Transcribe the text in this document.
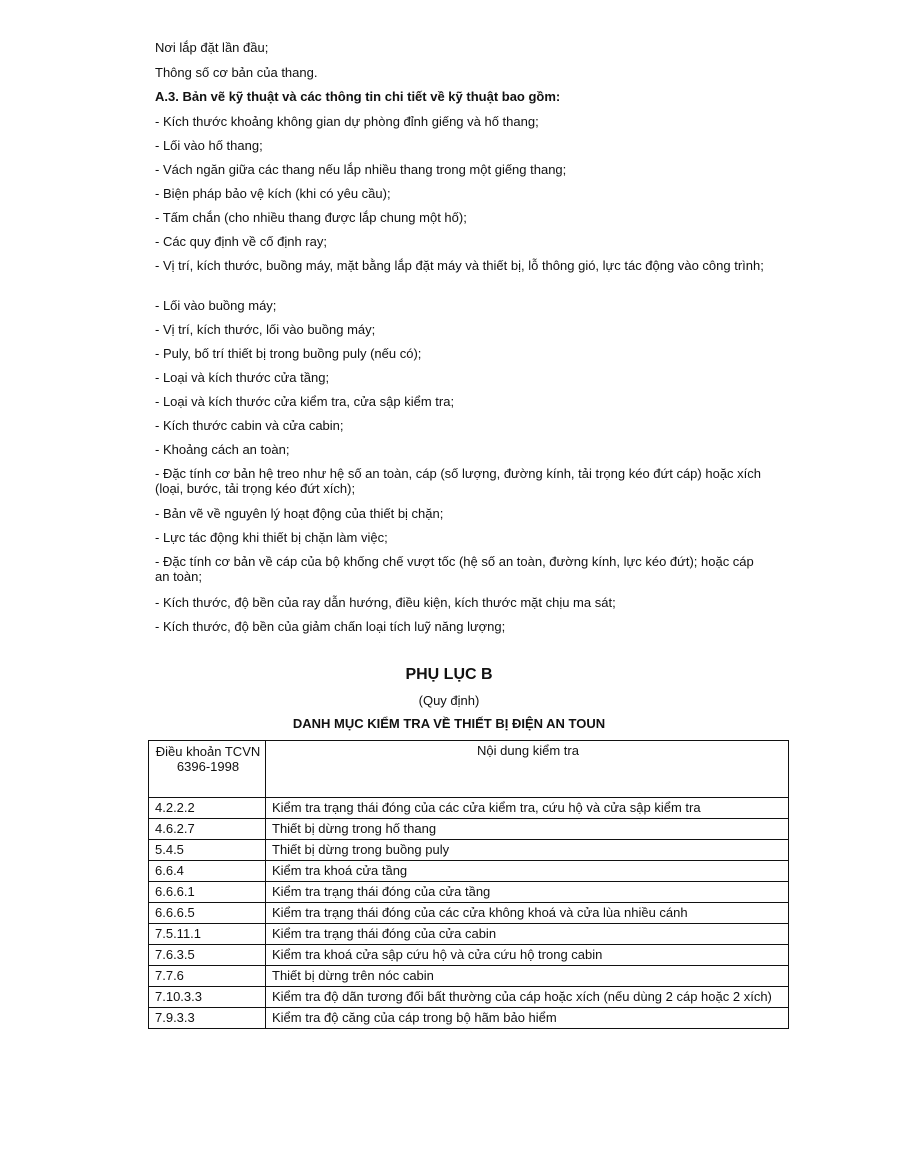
Nơi lắp đặt lần đầu;
Thông số cơ bản của thang.
A.3. Bản vẽ kỹ thuật và các thông tin chi tiết về kỹ thuật bao gồm:
- Kích thước khoảng không gian dự phòng đỉnh giếng và hố thang;
- Lối vào hố thang;
- Vách ngăn giữa các thang nếu lắp nhiều thang trong một giếng thang;
- Biện pháp bảo vệ kích (khi có yêu cầu);
- Tấm chắn (cho nhiều thang được lắp chung một hố);
- Các quy định về cố định ray;
- Vị trí, kích thước, buồng máy, mặt bằng lắp đặt máy và thiết bị, lỗ thông gió, lực tác động vào công trình;
- Lối vào buồng máy;
- Vị trí, kích thước, lối vào buồng máy;
- Puly, bố trí thiết bị trong buồng puly (nếu có);
- Loại và kích thước cửa tầng;
- Loại và kích thước cửa kiểm tra, cửa sập kiểm tra;
- Kích thước cabin và cửa cabin;
- Khoảng cách an toàn;
- Đặc tính cơ bản hệ treo như hệ số an toàn, cáp (số lượng, đường kính, tải trọng kéo đứt cáp) hoặc xích (loại, bước, tải trọng kéo đứt xích);
- Bản vẽ về nguyên lý hoạt động của thiết bị chặn;
- Lực tác động khi thiết bị chặn làm việc;
- Đặc tính cơ bản về cáp của bộ khống chế vượt tốc (hệ số an toàn, đường kính, lực kéo đứt); hoặc cáp an toàn;
- Kích thước, độ bền của ray dẫn hướng, điều kiện, kích thước mặt chịu ma sát;
- Kích thước, độ bền của giảm chấn loại tích luỹ năng lượng;
PHỤ LỤC B
(Quy định)
DANH MỤC KIỂM TRA VỀ THIẾT BỊ ĐIỆN AN TOUN
Điều khoản TCVN 6396-1998	Nội dung kiểm tra
4.2.2.2	Kiểm tra trạng thái đóng của các cửa kiểm tra, cứu hộ và cửa sập kiểm tra
4.6.2.7	Thiết bị dừng trong hố thang
5.4.5	Thiết bị dừng trong buồng puly
6.6.4	Kiểm tra khoá cửa tầng
6.6.6.1	Kiểm tra trạng thái đóng của cửa tầng
6.6.6.5	Kiểm tra trạng thái đóng của các cửa không khoá và cửa lùa nhiều cánh
7.5.11.1	Kiểm tra trạng thái đóng của cửa cabin
7.6.3.5	Kiểm tra khoá cửa sập cứu hộ và cửa cứu hộ trong cabin
7.7.6	Thiết bị dừng trên nóc cabin
7.10.3.3	Kiểm tra độ dãn tương đối bất thường của cáp hoặc xích (nếu dùng 2 cáp hoặc 2 xích)
7.9.3.3	Kiểm tra độ căng của cáp trong bộ hãm bảo hiểm
